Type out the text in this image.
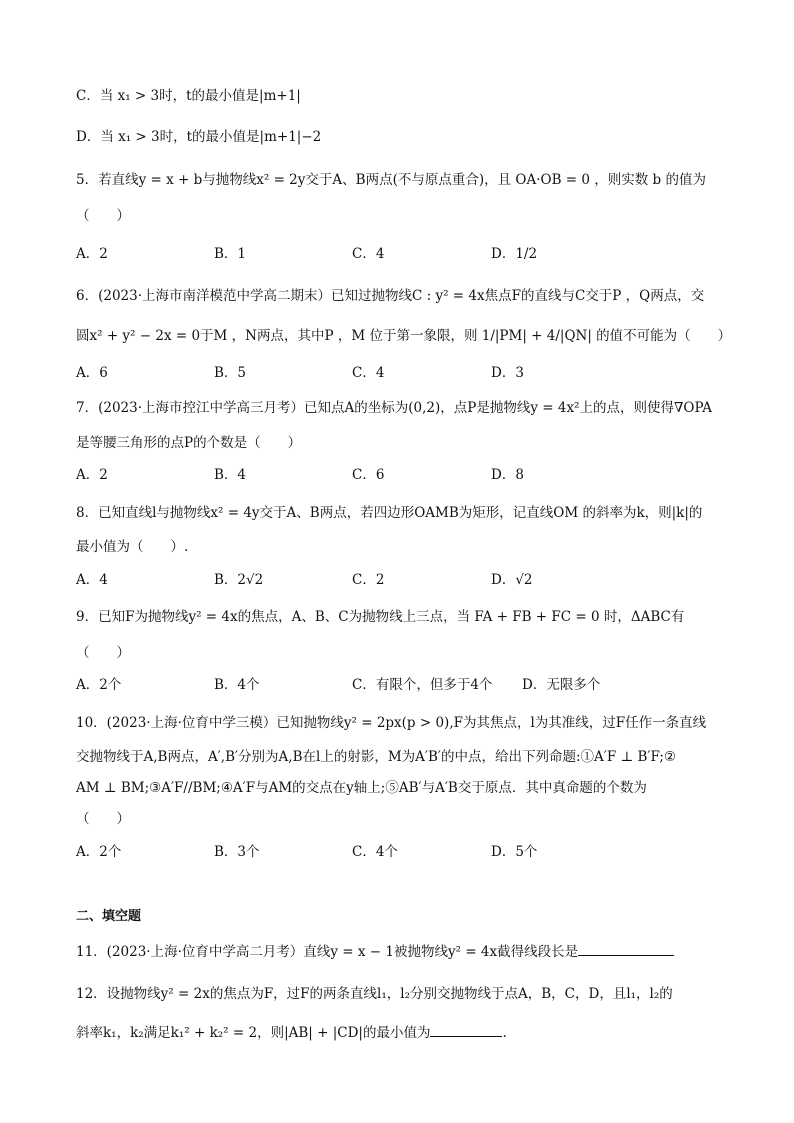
C．当 x₁ > 3时，t的最小值是|m+1|
D．当 x₁ > 3时，t的最小值是|m+1|−2
5．若直线y = x + b与抛物线x² = 2y交于A、B两点(不与原点重合)，且 OA·OB = 0 ，则实数 b 的值为
（　　）
A．2	B．1	C．4	D．1/2
6．(2023·上海市南洋模范中学高二期末）已知过抛物线C : y² = 4x焦点F的直线与C交于P ，Q两点，交
圆x² + y² − 2x = 0于M ，N两点，其中P ，M 位于第一象限，则 1/|PM| + 4/|QN| 的值不可能为（　　）
A．6	B．5	C．4	D．3
7．(2023·上海市控江中学高三月考）已知点A的坐标为(0,2)，点P是抛物线y = 4x²上的点，则使得∇OPA
是等腰三角形的点P的个数是（　　）
A．2	B．4	C．6	D．8
8．已知直线l与抛物线x² = 4y交于A、B两点，若四边形OAMB为矩形，记直线OM 的斜率为k，则|k|的
最小值为（　　）.
A．4	B．2√2	C．2	D．√2
9．已知F为抛物线y² = 4x的焦点，A、B、C为抛物线上三点，当 FA + FB + FC = 0 时，ΔABC有
（　　）
A．2个	B．4个	C．有限个，但多于4个 D．无限多个
10．(2023·上海·位育中学三模）已知抛物线y² = 2px(p > 0),F为其焦点，l为其准线，过F任作一条直线
交抛物线于A,B两点，A′,B′分别为A,B在l上的射影，M为A′B′的中点，给出下列命题:①A′F ⊥ B′F;②
AM ⊥ BM;③A′F//BM;④A′F与AM的交点在y轴上;⑤AB′与A′B交于原点．其中真命题的个数为
（　　）
A．2个	B．3个	C．4个	D．5个
二、填空题
11．(2023·上海·位育中学高二月考）直线y = x − 1被抛物线y² = 4x截得线段长是
12．设抛物线y² = 2x的焦点为F，过F的两条直线l₁，l₂分别交抛物线于点A，B，C，D，且l₁，l₂的
斜率k₁，k₂满足k₁² + k₂² = 2，则|AB| + |CD|的最小值为	.
